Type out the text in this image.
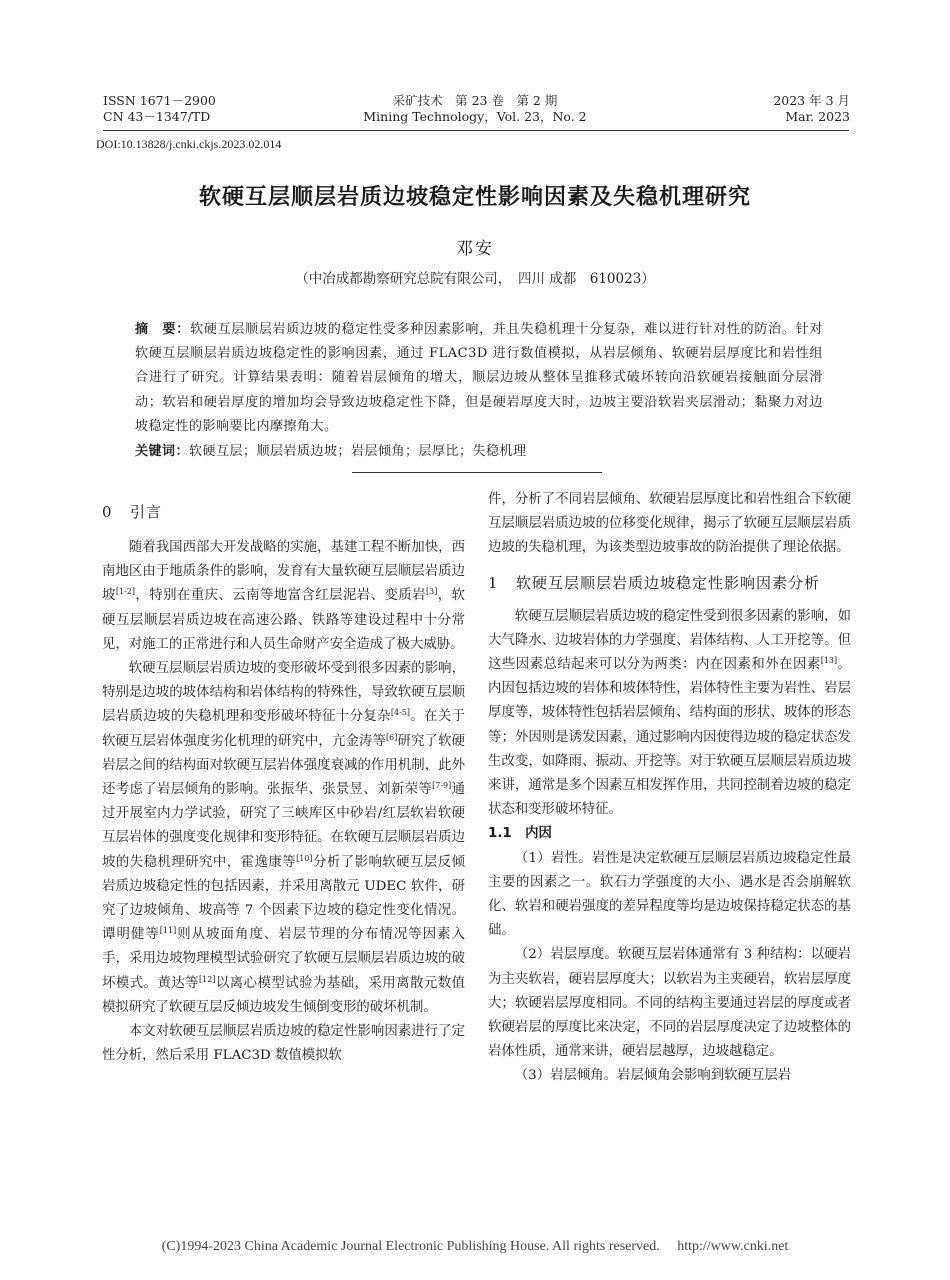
ISSN 1671－2900
CN 43－1347/TD
采矿技术　第 23 卷　第 2 期
Mining Technology，Vol. 23，No. 2
2023 年 3 月
Mar. 2023
DOI:10.13828/j.cnki.ckjs.2023.02.014
软硬互层顺层岩质边坡稳定性影响因素及失稳机理研究
邓安
（中冶成都勘察研究总院有限公司，　四川 成都　610023）
摘　要：软硬互层顺层岩质边坡的稳定性受多种因素影响，并且失稳机理十分复杂，难以进行针对性的防治。针对软硬互层顺层岩质边坡稳定性的影响因素，通过 FLAC3D 进行数值模拟，从岩层倾角、软硬岩层厚度比和岩性组合进行了研究。计算结果表明：随着岩层倾角的增大，顺层边坡从整体呈推移式破坏转向沿软硬岩接触面分层滑动；软岩和硬岩厚度的增加均会导致边坡稳定性下降，但是硬岩厚度大时，边坡主要沿软岩夹层滑动；黏聚力对边坡稳定性的影响要比内摩擦角大。
关键词：软硬互层；顺层岩质边坡；岩层倾角；层厚比；失稳机理
0 引言

随着我国西部大开发战略的实施，基建工程不断加快，西南地区由于地质条件的影响，发育有大量软硬互层顺层岩质边坡[1-2]，特别在重庆、云南等地富含红层泥岩、变质岩[3]，软硬互层顺层岩质边坡在高速公路、铁路等建设过程中十分常见，对施工的正常进行和人员生命财产安全造成了极大威胁。

软硬互层顺层岩质边坡的变形破坏受到很多因素的影响，特别是边坡的坡体结构和岩体结构的特殊性，导致软硬互层顺层岩质边坡的失稳机理和变形破坏特征十分复杂[4-5]。在关于软硬互层岩体强度劣化机理的研究中，亢金涛等[6]研究了软硬岩层之间的结构面对软硬互层岩体强度衰减的作用机制，此外还考虑了岩层倾角的影响。张振华、张景昱、刘新荣等[7-9]通过开展室内力学试验，研究了三峡库区中砂岩/红层软岩软硬互层岩体的强度变化规律和变形特征。在软硬互层顺层岩质边坡的失稳机理研究中，霍逸康等[10]分析了影响软硬互层反倾岩质边坡稳定性的包括因素，并采用离散元 UDEC 软件，研究了边坡倾角、坡高等 7 个因素下边坡的稳定性变化情况。谭明健等[11]则从坡面角度、岩层节理的分布情况等因素入手，采用边坡物理模型试验研究了软硬互层顺层岩质边坡的破坏模式。黄达等[12]以离心模型试验为基础，采用离散元数值模拟研究了软硬互层反倾边坡发生倾倒变形的破坏机制。

本文对软硬互层顺层岩质边坡的稳定性影响因素进行了定性分析，然后采用 FLAC3D 数值模拟软

件，分析了不同岩层倾角、软硬岩层厚度比和岩性组合下软硬互层顺层岩质边坡的位移变化规律，揭示了软硬互层顺层岩质边坡的失稳机理，为该类型边坡事故的防治提供了理论依据。

1 软硬互层顺层岩质边坡稳定性影响因素分析

软硬互层顺层岩质边坡的稳定性受到很多因素的影响，如大气降水、边坡岩体的力学强度、岩体结构、人工开挖等。但这些因素总结起来可以分为两类：内在因素和外在因素[13]。内因包括边坡的岩体和坡体特性，岩体特性主要为岩性、岩层厚度等，坡体特性包括岩层倾角、结构面的形状、坡体的形态等；外因则是诱发因素，通过影响内因使得边坡的稳定状态发生改变，如降雨、振动、开挖等。对于软硬互层顺层岩质边坡来讲，通常是多个因素互相发挥作用，共同控制着边坡的稳定状态和变形破坏特征。

1.1　内因

（1）岩性。岩性是决定软硬互层顺层岩质边坡稳定性最主要的因素之一。软石力学强度的大小、遇水是否会崩解软化、软岩和硬岩强度的差异程度等均是边坡保持稳定状态的基础。

（2）岩层厚度。软硬互层岩体通常有 3 种结构：以硬岩为主夹软岩，硬岩层厚度大；以软岩为主夹硬岩，软岩层厚度大；软硬岩层厚度相同。不同的结构主要通过岩层的厚度或者软硬岩层的厚度比来决定，不同的岩层厚度决定了边坡整体的岩体性质，通常来讲，硬岩层越厚，边坡越稳定。

（3）岩层倾角。岩层倾角会影响到软硬互层岩

(C)1994-2023 China Academic Journal Electronic Publishing House. All rights reserved.　 http://www.cnki.net
